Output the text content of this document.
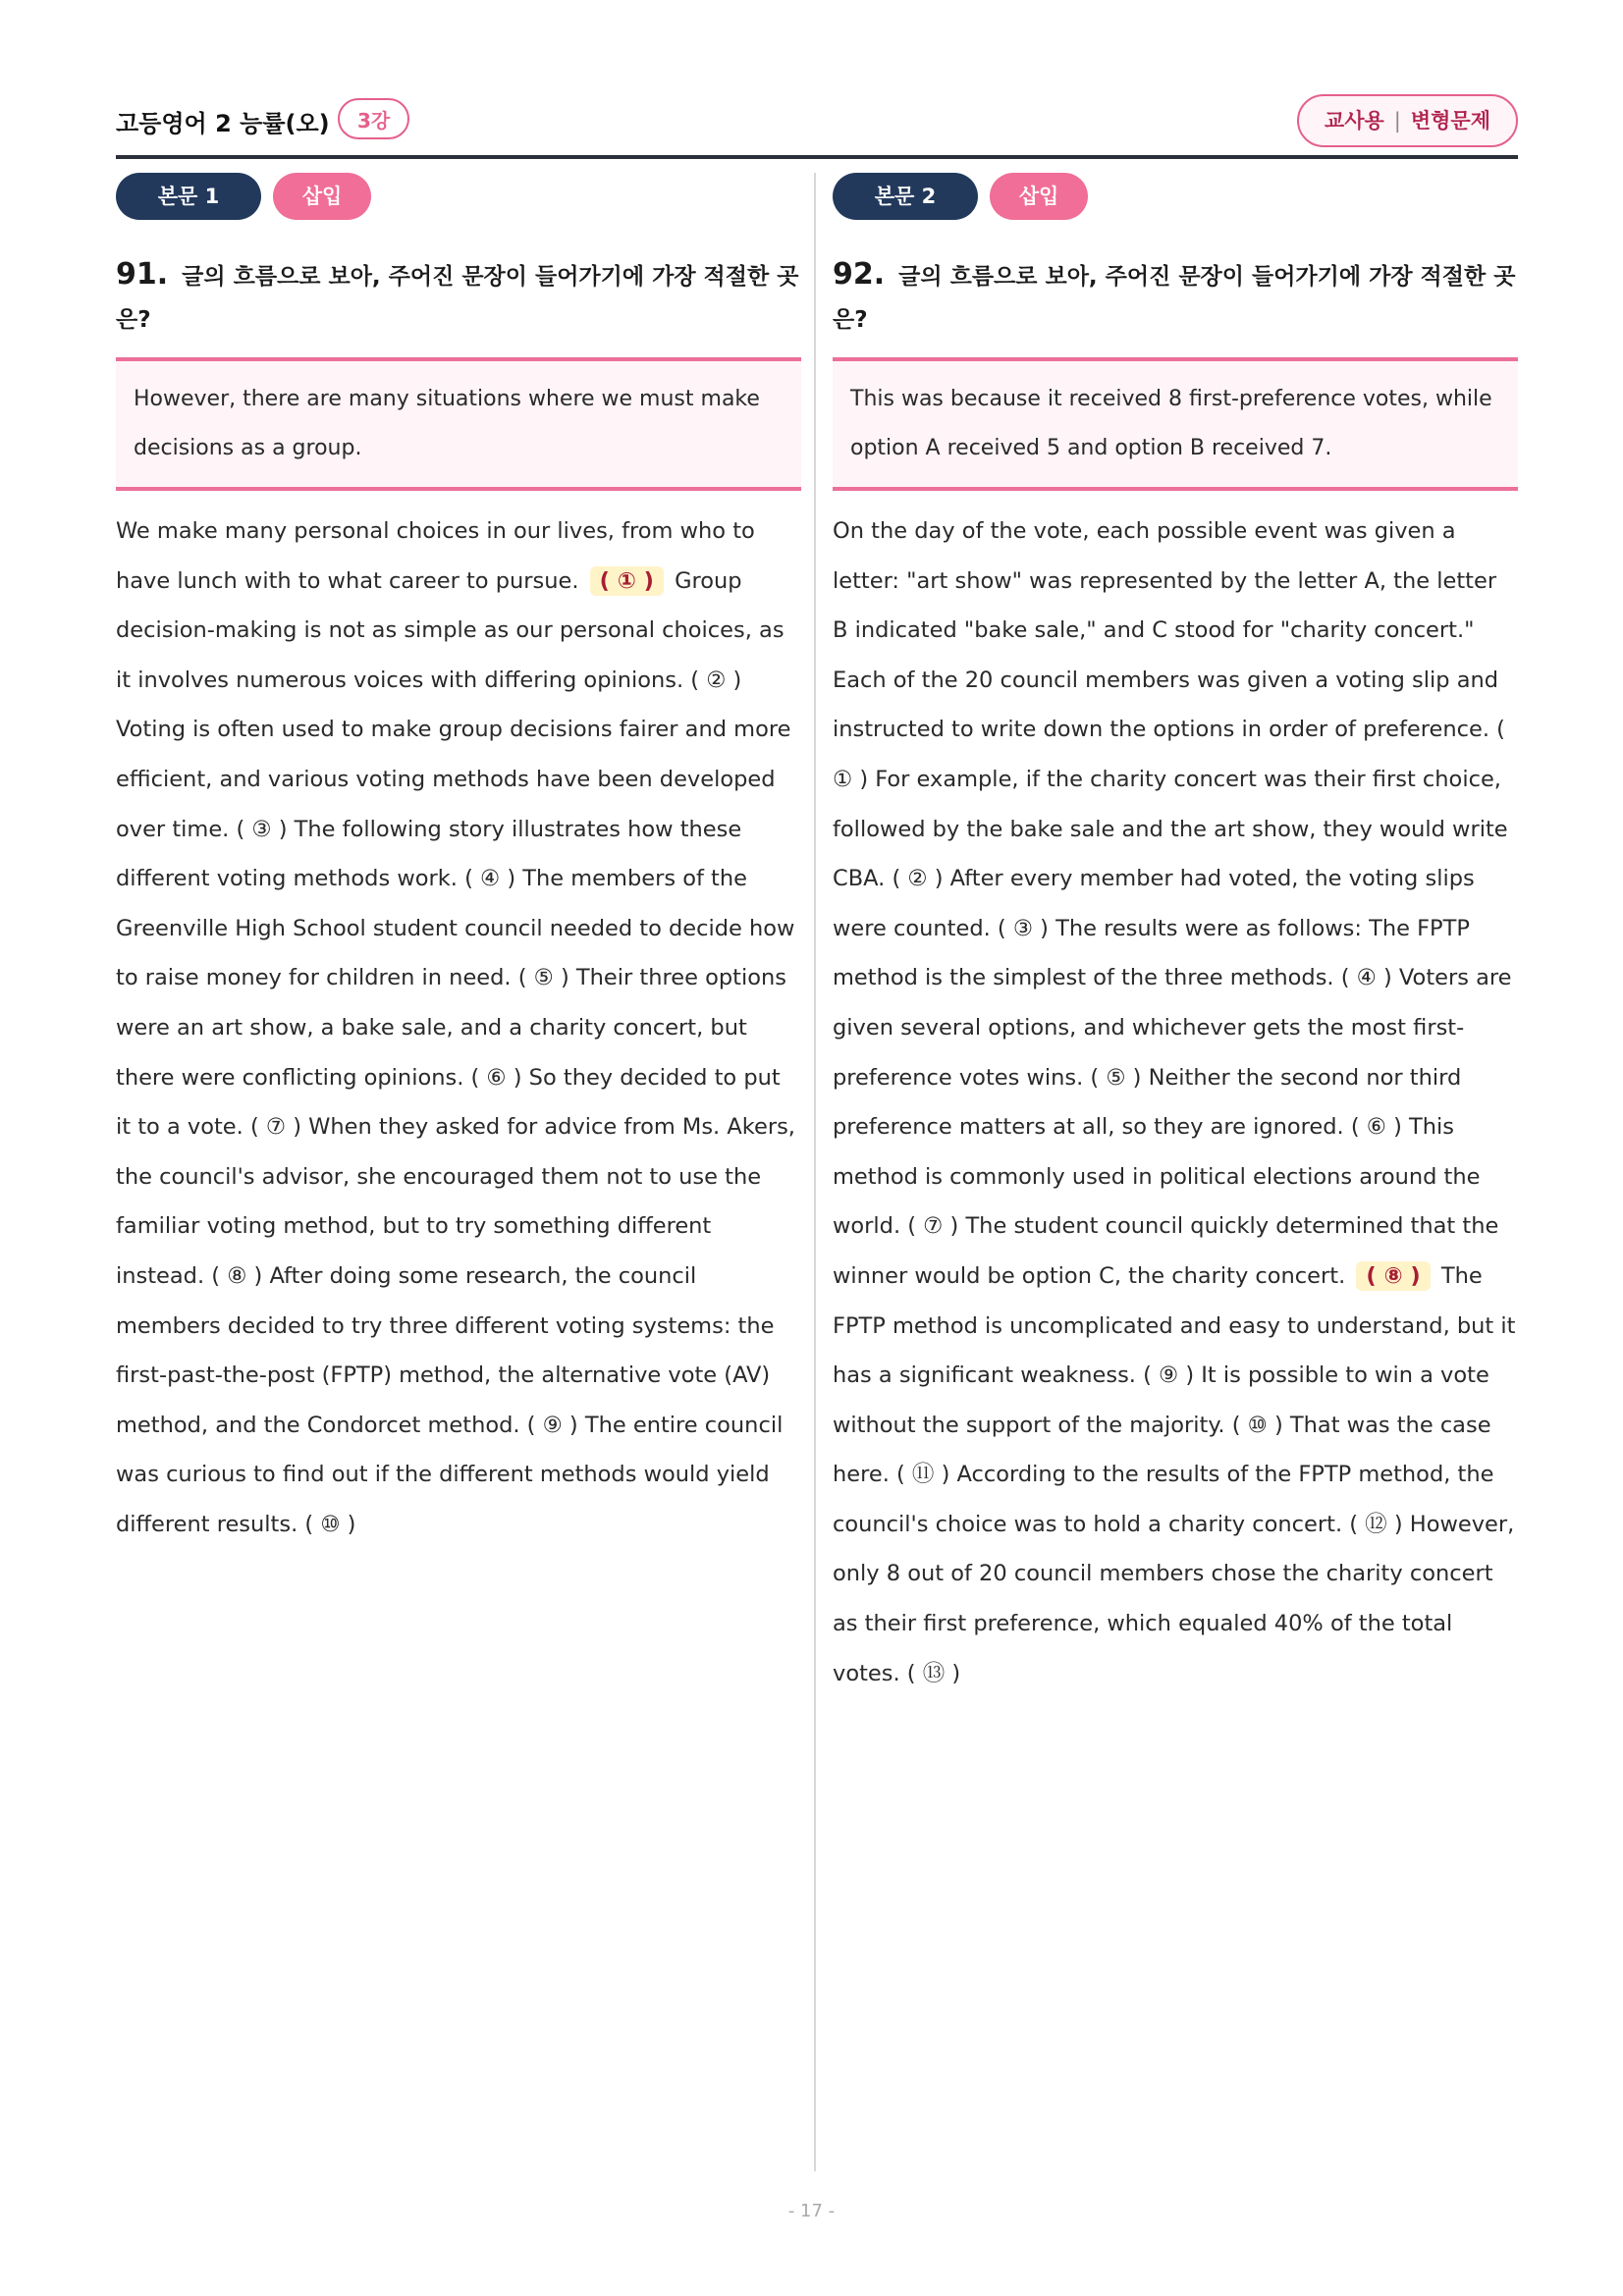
고등영어 2 능률(오)	3강	교사용 | 변형문제
본문 1	삽입
91. 글의 흐름으로 보아, 주어진 문장이 들어가기에 가장 적절한 곳은?
However, there are many situations where we must make decisions as a group.
We make many personal choices in our lives, from who to have lunch with to what career to pursue. ( ① ) Group decision-making is not as simple as our personal choices, as it involves numerous voices with differing opinions. ( ② ) Voting is often used to make group decisions fairer and more efficient, and various voting methods have been developed over time. ( ③ ) The following story illustrates how these different voting methods work. ( ④ ) The members of the Greenville High School student council needed to decide how to raise money for children in need. ( ⑤ ) Their three options were an art show, a bake sale, and a charity concert, but there were conflicting opinions. ( ⑥ ) So they decided to put it to a vote. ( ⑦ ) When they asked for advice from Ms. Akers, the council's advisor, she encouraged them not to use the familiar voting method, but to try something different instead. ( ⑧ ) After doing some research, the council members decided to try three different voting systems: the first-past-the-post (FPTP) method, the alternative vote (AV) method, and the Condorcet method. ( ⑨ ) The entire council was curious to find out if the different methods would yield different results. ( ⑩ )
본문 2	삽입
92. 글의 흐름으로 보아, 주어진 문장이 들어가기에 가장 적절한 곳은?
This was because it received 8 first-preference votes, while option A received 5 and option B received 7.
On the day of the vote, each possible event was given a letter: "art show" was represented by the letter A, the letter B indicated "bake sale," and C stood for "charity concert." Each of the 20 council members was given a voting slip and instructed to write down the options in order of preference. ( ① ) For example, if the charity concert was their first choice, followed by the bake sale and the art show, they would write CBA. ( ② ) After every member had voted, the voting slips were counted. ( ③ ) The results were as follows: The FPTP method is the simplest of the three methods. ( ④ ) Voters are given several options, and whichever gets the most first-preference votes wins. ( ⑤ ) Neither the second nor third preference matters at all, so they are ignored. ( ⑥ ) This method is commonly used in political elections around the world. ( ⑦ ) The student council quickly determined that the winner would be option C, the charity concert. ( ⑧ ) The FPTP method is uncomplicated and easy to understand, but it has a significant weakness. ( ⑨ ) It is possible to win a vote without the support of the majority. ( ⑩ ) That was the case here. ( ⑪ ) According to the results of the FPTP method, the council's choice was to hold a charity concert. ( ⑫ ) However, only 8 out of 20 council members chose the charity concert as their first preference, which equaled 40% of the total votes. ( ⑬ )
- 17 -
